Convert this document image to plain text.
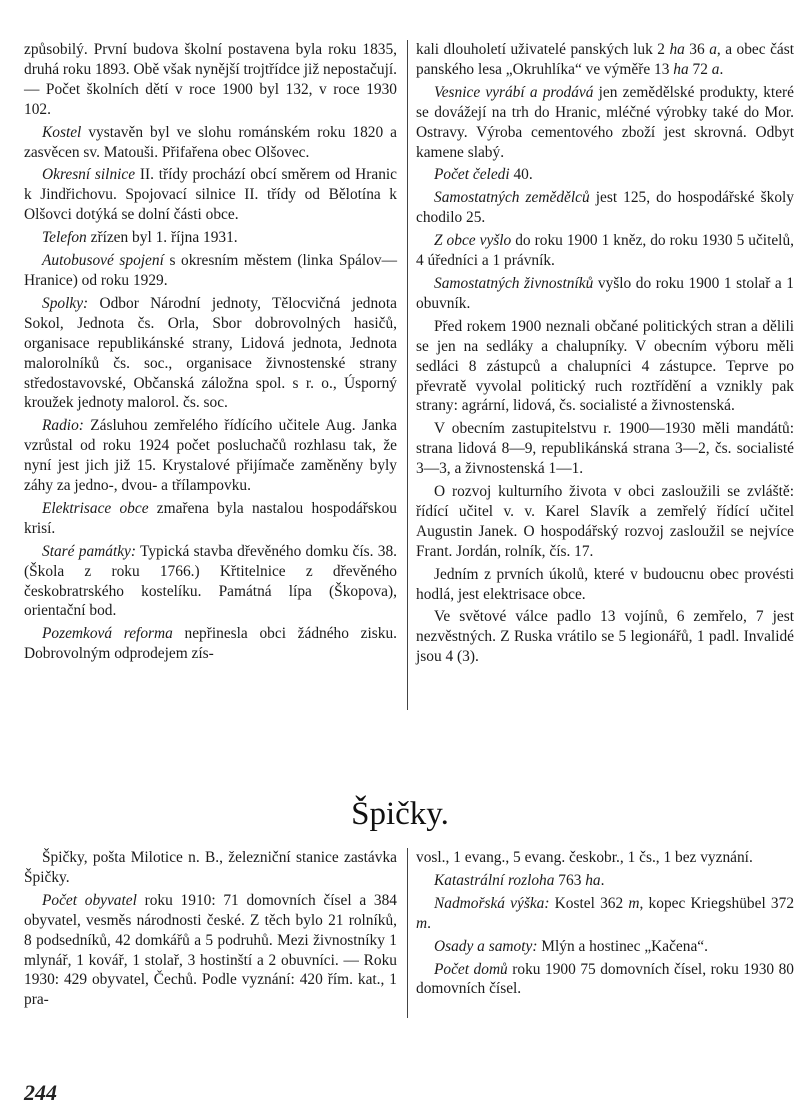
způsobilý. První budova školní postavena byla roku 1835, druhá roku 1893. Obě však nynější trojtřídce již nepostačují. — Počet školních dětí v roce 1900 byl 132, v roce 1930 102.

Kostel vystavěn byl ve slohu románském roku 1820 a zasvěcen sv. Matouši. Přifařena obec Olšovec.

Okresní silnice II. třídy prochází obcí směrem od Hranic k Jindřichovu. Spojovací silnice II. třídy od Bělotína k Olšovci dotýká se dolní části obce.

Telefon zřízen byl 1. října 1931.

Autobusové spojení s okresním městem (linka Spálov—Hranice) od roku 1929.

Spolky: Odbor Národní jednoty, Tělocvičná jednota Sokol, Jednota čs. Orla, Sbor dobrovolných hasičů, organisace republikánské strany, Lidová jednota, Jednota malorolníků čs. soc., organisace živnostenské strany středostavovské, Občanská záložna spol. s r. o., Úsporný kroužek jednoty malorol. čs. soc.

Radio: Zásluhou zemřelého řídícího učitele Aug. Janka vzrůstal od roku 1924 počet posluchačů rozhlasu tak, že nyní jest jich již 15. Krystalové přijímače zaměněny byly záhy za jedno-, dvou- a třílampovku.

Elektrisace obce zmařena byla nastalou hospodářskou krisí.

Staré památky: Typická stavba dřevěného domku čís. 38. (Škola z roku 1766.) Křtitelnice z dřevěného českobratrského kostelíku. Památná lípa (Škopova), orientační bod.

Pozemková reforma nepřinesla obci žádného zisku. Dobrovolným odprodejem zís-

kali dlouholetí uživatelé panských luk 2 ha 36 a, a obec část panského lesa „Okruhlíka“ ve výměře 13 ha 72 a.

Vesnice vyrábí a prodává jen zemědělské produkty, které se dovážejí na trh do Hranic, mléčné výrobky také do Mor. Ostravy. Výroba cementového zboží jest skrovná. Odbyt kamene slabý.

Počet čeledi 40.

Samostatných zemědělců jest 125, do hospodářské školy chodilo 25.

Z obce vyšlo do roku 1900 1 kněz, do roku 1930 5 učitelů, 4 úředníci a 1 právník.

Samostatných živnostníků vyšlo do roku 1900 1 stolař a 1 obuvník.

Před rokem 1900 neznali občané politických stran a dělili se jen na sedláky a chalupníky. V obecním výboru měli sedláci 8 zástupců a chalupníci 4 zástupce. Teprve po převratě vyvolal politický ruch roztřídění a vznikly pak strany: agrární, lidová, čs. socialisté a živnostenská.

V obecním zastupitelstvu r. 1900—1930 měli mandátů: strana lidová 8—9, republikánská strana 3—2, čs. socialisté 3—3, a živnostenská 1—1.

O rozvoj kulturního života v obci zasloužili se zvláště: řídící učitel v. v. Karel Slavík a zemřelý řídící učitel Augustin Janek. O hospodářský rozvoj zasloužil se nejvíce Frant. Jordán, rolník, čís. 17.

Jedním z prvních úkolů, které v budoucnu obec provésti hodlá, jest elektrisace obce.

Ve světové válce padlo 13 vojínů, 6 zemřelo, 7 jest nezvěstných. Z Ruska vrátilo se 5 legionářů, 1 padl. Invalidé jsou 4 (3).

Špičky.

Špičky, pošta Milotice n. B., železniční stanice zastávka Špičky.

Počet obyvatel roku 1910: 71 domovních čísel a 384 obyvatel, vesměs národnosti české. Z těch bylo 21 rolníků, 8 podsedníků, 42 domkářů a 5 podruhů. Mezi živnostníky 1 mlynář, 1 kovář, 1 stolař, 3 hostinští a 2 obuvníci. — Roku 1930: 429 obyvatel, Čechů. Podle vyznání: 420 řím. kat., 1 pra-

vosl., 1 evang., 5 evang. českobr., 1 čs., 1 bez vyznání.

Katastrální rozloha 763 ha.

Nadmořská výška: Kostel 362 m, kopec Kriegshübel 372 m.

Osady a samoty: Mlýn a hostinec „Kačena“.

Počet domů roku 1900 75 domovních čísel, roku 1930 80 domovních čísel.

244
